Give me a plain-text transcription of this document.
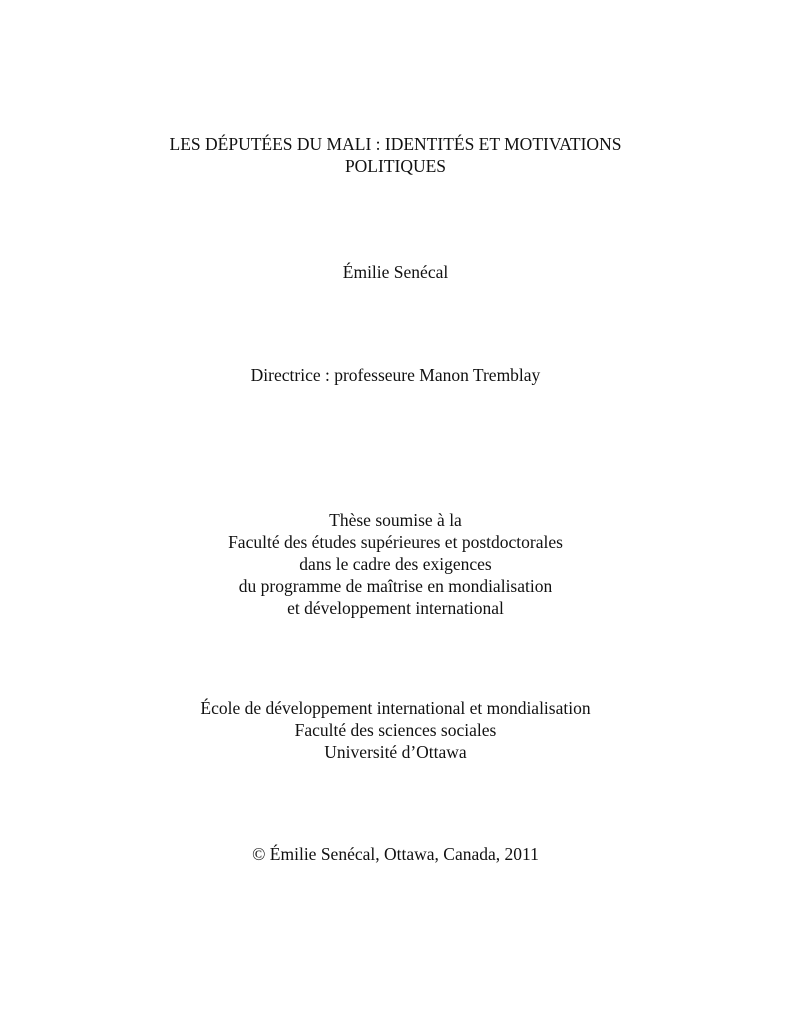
LES DÉPUTÉES DU MALI : IDENTITÉS ET MOTIVATIONS
POLITIQUES
Émilie Senécal
Directrice : professeure Manon Tremblay
Thèse soumise à la
Faculté des études supérieures et postdoctorales
dans le cadre des exigences
du programme de maîtrise en mondialisation
et développement international
École de développement international et mondialisation
Faculté des sciences sociales
Université d’Ottawa
© Émilie Senécal, Ottawa, Canada, 2011
